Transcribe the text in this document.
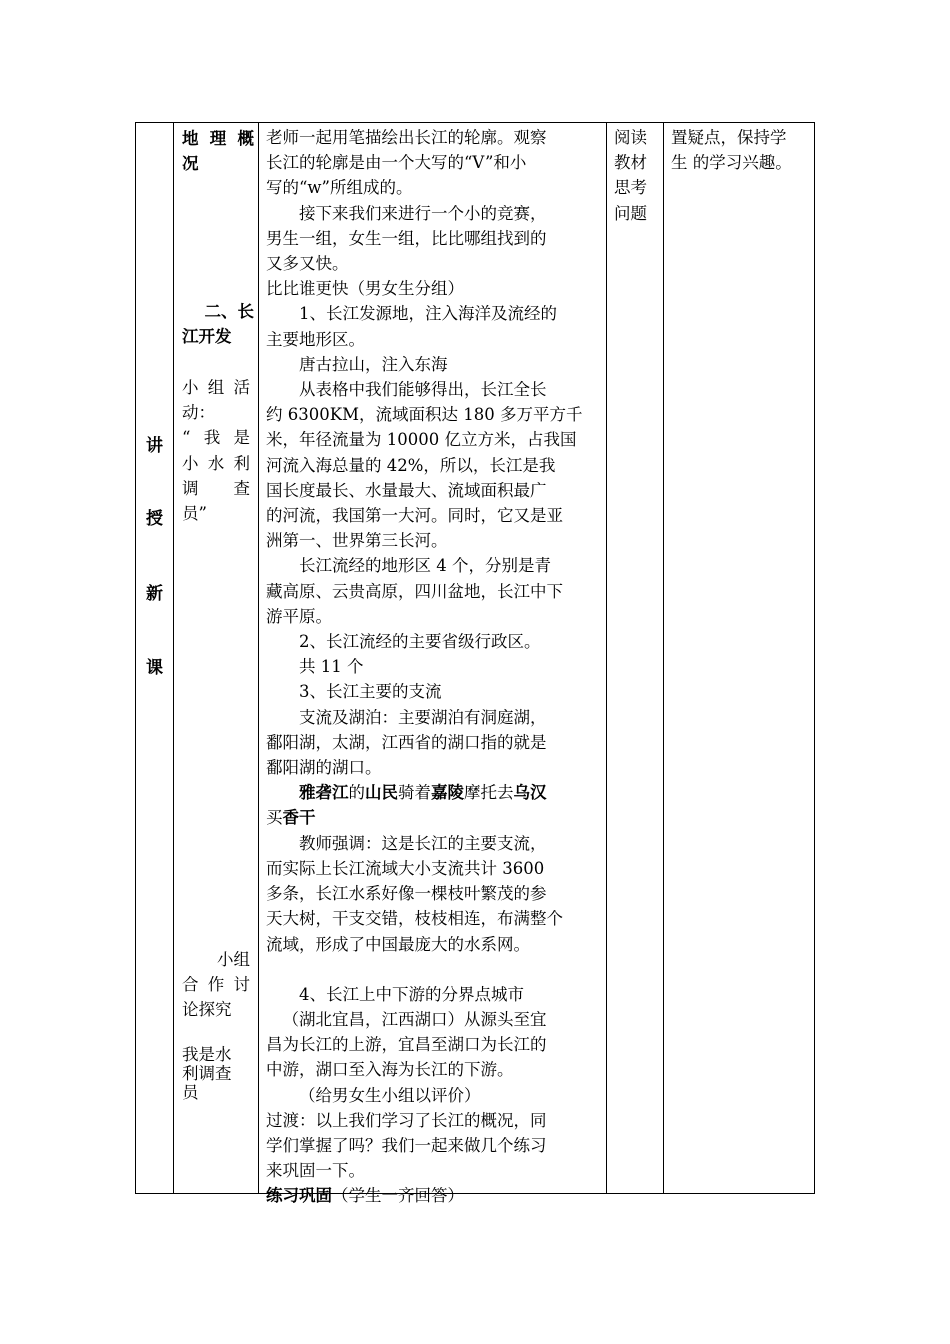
讲
授
新
课
地理概
况
二、长
江开发
小组活
动：
“我是
小水利
调　查
员”
小组
合作讨
论探究
我是水
利调查
员
老师一起用笔描绘出长江的轮廓。观察
长江的轮廓是由一个大写的“V”和小
写的“w”所组成的。
接下来我们来进行一个小的竞赛，
男生一组，女生一组，比比哪组找到的
又多又快。
比比谁更快（男女生分组）
1、长江发源地，注入海洋及流经的
主要地形区。
唐古拉山，注入东海
从表格中我们能够得出，长江全长
约 6300KM，流域面积达 180 多万平方千
米，年径流量为 10000 亿立方米，占我国
河流入海总量的 42%，所以，长江是我
国长度最长、水量最大、流域面积最广
的河流，我国第一大河。同时，它又是亚
洲第一、世界第三长河。
长江流经的地形区 4 个，分别是青
藏高原、云贵高原，四川盆地，长江中下
游平原。
2、长江流经的主要省级行政区。
共 11 个
3、长江主要的支流
支流及湖泊：主要湖泊有洞庭湖，
鄱阳湖，太湖，江西省的湖口指的就是
鄱阳湖的湖口。
雅砻江的山民骑着嘉陵摩托去乌汉
买香干
教师强调：这是长江的主要支流，
而实际上长江流域大小支流共计 3600
多条，长江水系好像一棵枝叶繁茂的参
天大树，干支交错，枝枝相连，布满整个
流域，形成了中国最庞大的水系网。
4、长江上中下游的分界点城市
（湖北宜昌，江西湖口）从源头至宜
昌为长江的上游，宜昌至湖口为长江的
中游，湖口至入海为长江的下游。
（给男女生小组以评价）
过渡：以上我们学习了长江的概况，同
学们掌握了吗？我们一起来做几个练习
来巩固一下。
练习巩固（学生一齐回答）
阅读
教材
思考
问题
置疑点，保持学
生 的学习兴趣。
